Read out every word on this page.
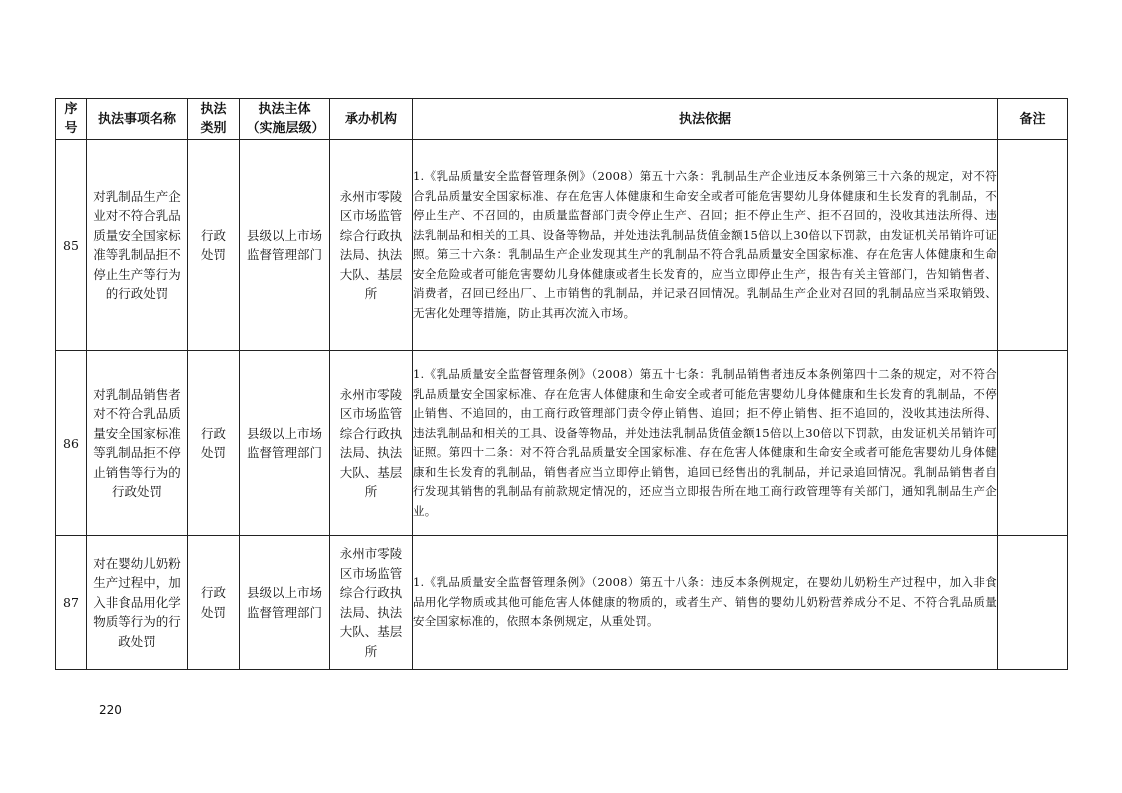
序号	执法事项名称	执法类别	执法主体（实施层级）	承办机构	执法依据	备注
85	对乳制品生产企业对不符合乳品质量安全国家标准等乳制品拒不停止生产等行为的行政处罚	行政处罚	县级以上市场监督管理部门	永州市零陵区市场监管综合行政执法局、执法大队、基层所	1.《乳品质量安全监督管理条例》（2008）第五十六条：乳制品生产企业违反本条例第三十六条的规定，对不符合乳品质量安全国家标准、存在危害人体健康和生命安全或者可能危害婴幼儿身体健康和生长发育的乳制品，不停止生产、不召回的，由质量监督部门责令停止生产、召回；拒不停止生产、拒不召回的，没收其违法所得、违法乳制品和相关的工具、设备等物品，并处违法乳制品货值金额15倍以上30倍以下罚款，由发证机关吊销许可证照。第三十六条：乳制品生产企业发现其生产的乳制品不符合乳品质量安全国家标准、存在危害人体健康和生命安全危险或者可能危害婴幼儿身体健康或者生长发育的，应当立即停止生产，报告有关主管部门，告知销售者、消费者，召回已经出厂、上市销售的乳制品，并记录召回情况。乳制品生产企业对召回的乳制品应当采取销毁、无害化处理等措施，防止其再次流入市场。	
86	对乳制品销售者对不符合乳品质量安全国家标准等乳制品拒不停止销售等行为的行政处罚	行政处罚	县级以上市场监督管理部门	永州市零陵区市场监管综合行政执法局、执法大队、基层所	1.《乳品质量安全监督管理条例》（2008）第五十七条：乳制品销售者违反本条例第四十二条的规定，对不符合乳品质量安全国家标准、存在危害人体健康和生命安全或者可能危害婴幼儿身体健康和生长发育的乳制品，不停止销售、不追回的，由工商行政管理部门责令停止销售、追回；拒不停止销售、拒不追回的，没收其违法所得、违法乳制品和相关的工具、设备等物品，并处违法乳制品货值金额15倍以上30倍以下罚款，由发证机关吊销许可证照。第四十二条：对不符合乳品质量安全国家标准、存在危害人体健康和生命安全或者可能危害婴幼儿身体健康和生长发育的乳制品，销售者应当立即停止销售，追回已经售出的乳制品，并记录追回情况。乳制品销售者自行发现其销售的乳制品有前款规定情况的，还应当立即报告所在地工商行政管理等有关部门，通知乳制品生产企业。	
87	对在婴幼儿奶粉生产过程中，加入非食品用化学物质等行为的行政处罚	行政处罚	县级以上市场监督管理部门	永州市零陵区市场监管综合行政执法局、执法大队、基层所	1.《乳品质量安全监督管理条例》（2008）第五十八条：违反本条例规定，在婴幼儿奶粉生产过程中，加入非食品用化学物质或其他可能危害人体健康的物质的，或者生产、销售的婴幼儿奶粉营养成分不足、不符合乳品质量安全国家标准的，依照本条例规定，从重处罚。	
220
